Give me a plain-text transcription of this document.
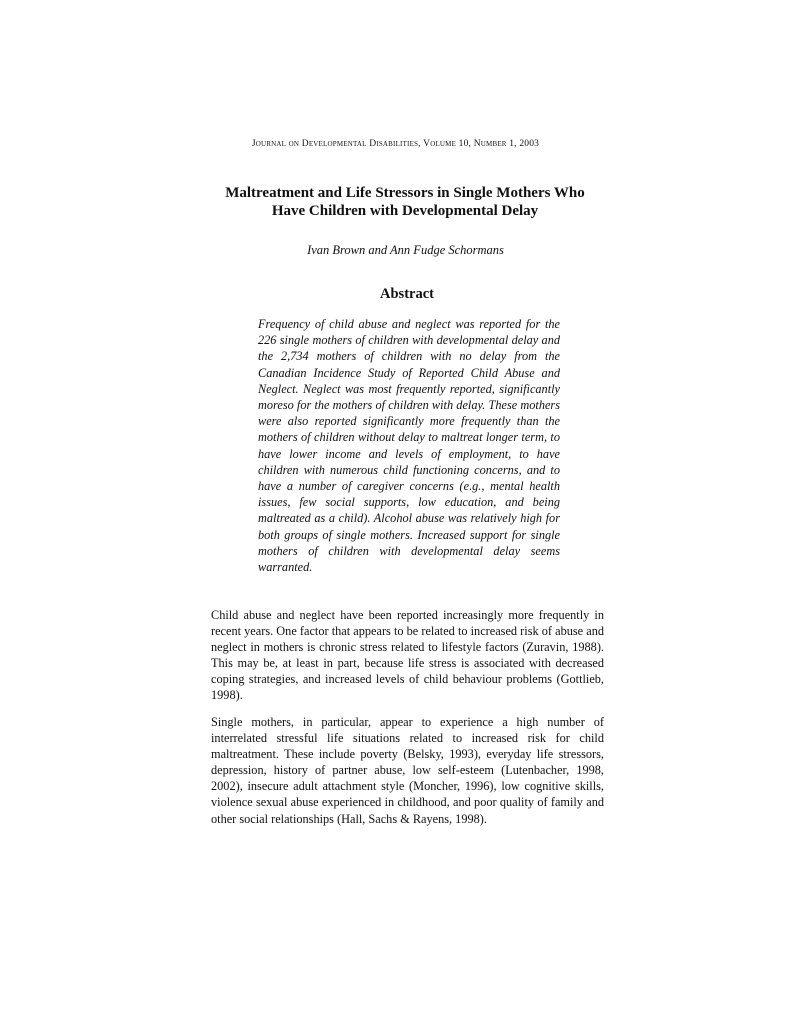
Journal on Developmental Disabilities, Volume 10, Number 1, 2003
Maltreatment and Life Stressors in Single Mothers Who
Have Children with Developmental Delay
Ivan Brown and Ann Fudge Schormans
Abstract

Frequency of child abuse and neglect was reported for the 226 single mothers of children with developmental delay and the 2,734 mothers of children with no delay from the Canadian Incidence Study of Reported Child Abuse and Neglect. Neglect was most frequently reported, significantly moreso for the mothers of children with delay. These mothers were also reported significantly more frequently than the mothers of children without delay to maltreat longer term, to have lower income and levels of employment, to have children with numerous child functioning concerns, and to have a number of caregiver concerns (e.g., mental health issues, few social supports, low education, and being maltreated as a child). Alcohol abuse was relatively high for both groups of single mothers. Increased support for single mothers of children with developmental delay seems warranted.

Child abuse and neglect have been reported increasingly more frequently in recent years. One factor that appears to be related to increased risk of abuse and neglect in mothers is chronic stress related to lifestyle factors (Zuravin, 1988). This may be, at least in part, because life stress is associated with decreased coping strategies, and increased levels of child behaviour problems (Gottlieb, 1998).

Single mothers, in particular, appear to experience a high number of interrelated stressful life situations related to increased risk for child maltreatment. These include poverty (Belsky, 1993), everyday life stressors, depression, history of partner abuse, low self-esteem (Lutenbacher, 1998, 2002), insecure adult attachment style (Moncher, 1996), low cognitive skills, violence sexual abuse experienced in childhood, and poor quality of family and other social relationships (Hall, Sachs & Rayens, 1998).
